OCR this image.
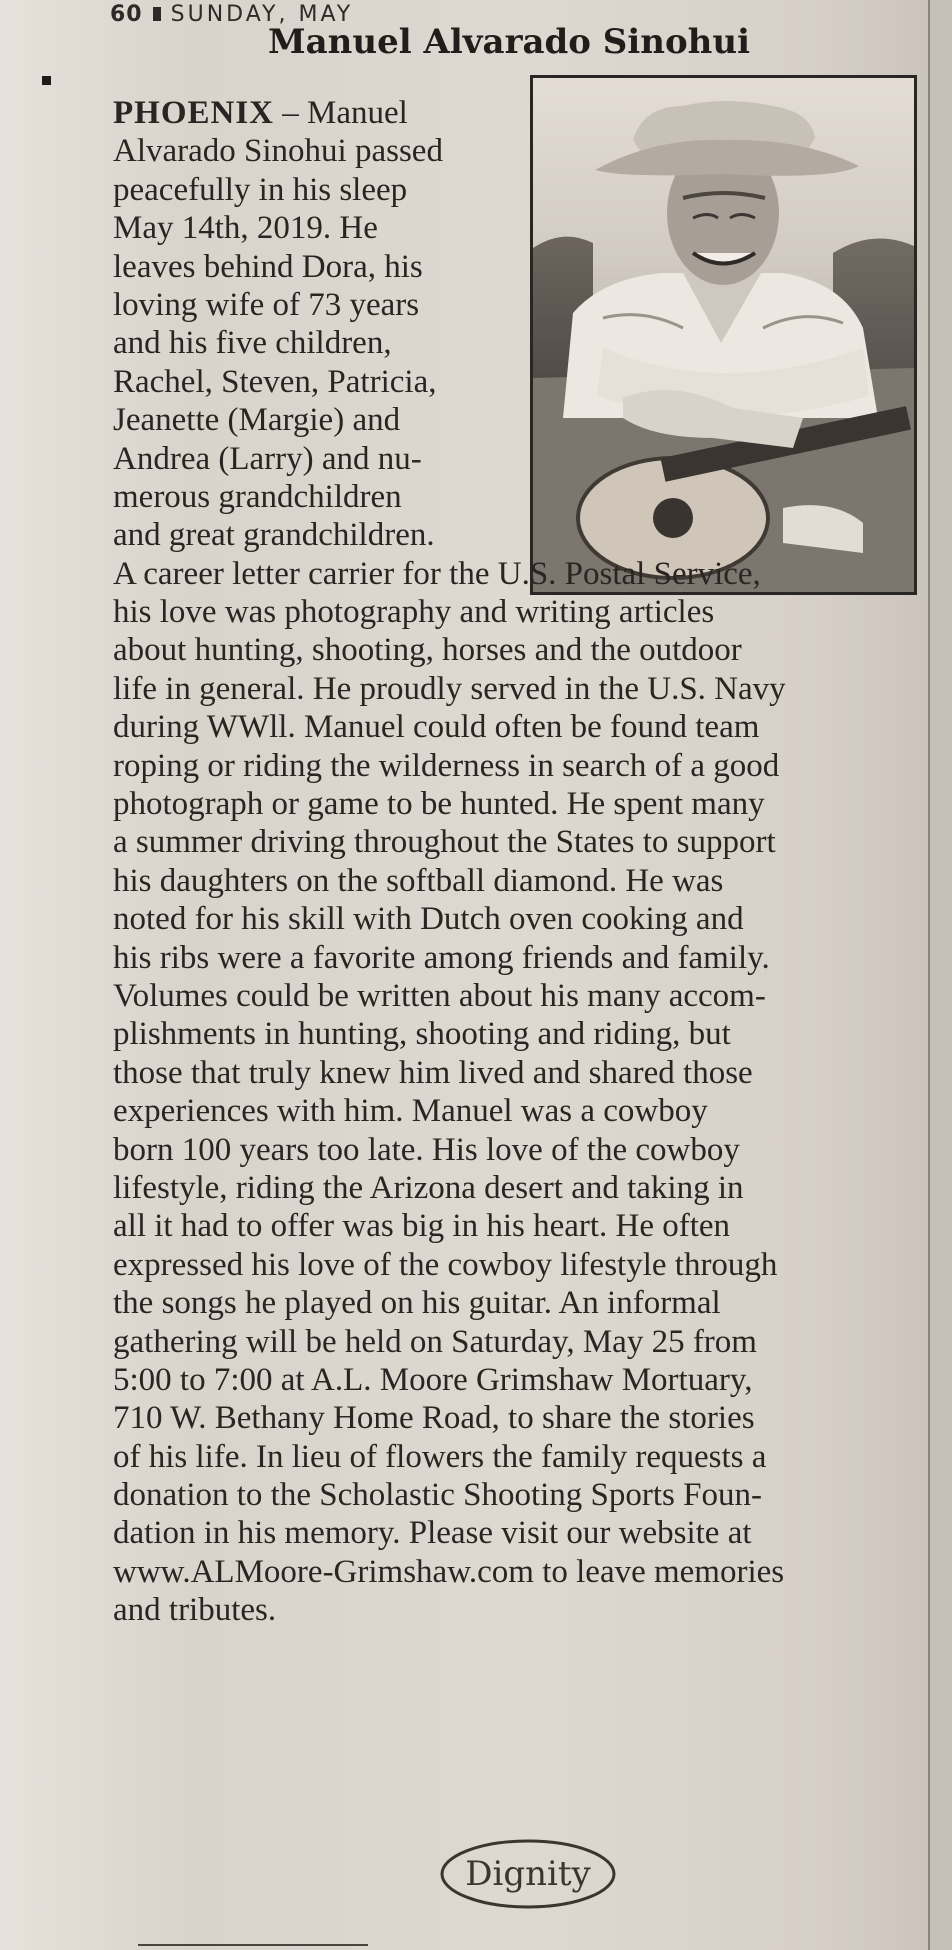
60 SUNDAY, MAY
Manuel Alvarado Sinohui
PHOENIX – Manuel
Alvarado Sinohui passed
peacefully in his sleep
May 14th, 2019. He
leaves behind Dora, his
loving wife of 73 years
and his five children,
Rachel, Steven, Patricia,
Jeanette (Margie) and
Andrea (Larry) and nu-
merous grandchildren
and great grandchildren.
A career letter carrier for the U.S. Postal Service,
his love was photography and writing articles
about hunting, shooting, horses and the outdoor
life in general. He proudly served in the U.S. Navy
during WWll. Manuel could often be found team
roping or riding the wilderness in search of a good
photograph or game to be hunted. He spent many
a summer driving throughout the States to support
his daughters on the softball diamond. He was
noted for his skill with Dutch oven cooking and
his ribs were a favorite among friends and family.
Volumes could be written about his many accom-
plishments in hunting, shooting and riding, but
those that truly knew him lived and shared those
experiences with him. Manuel was a cowboy
born 100 years too late. His love of the cowboy
lifestyle, riding the Arizona desert and taking in
all it had to offer was big in his heart. He often
expressed his love of the cowboy lifestyle through
the songs he played on his guitar. An informal
gathering will be held on Saturday, May 25 from
5:00 to 7:00 at A.L. Moore Grimshaw Mortuary,
710 W. Bethany Home Road, to share the stories
of his life. In lieu of flowers the family requests a
donation to the Scholastic Shooting Sports Foun-
dation in his memory. Please visit our website at
www.ALMoore-Grimshaw.com to leave memories
and tributes.
Dignity
